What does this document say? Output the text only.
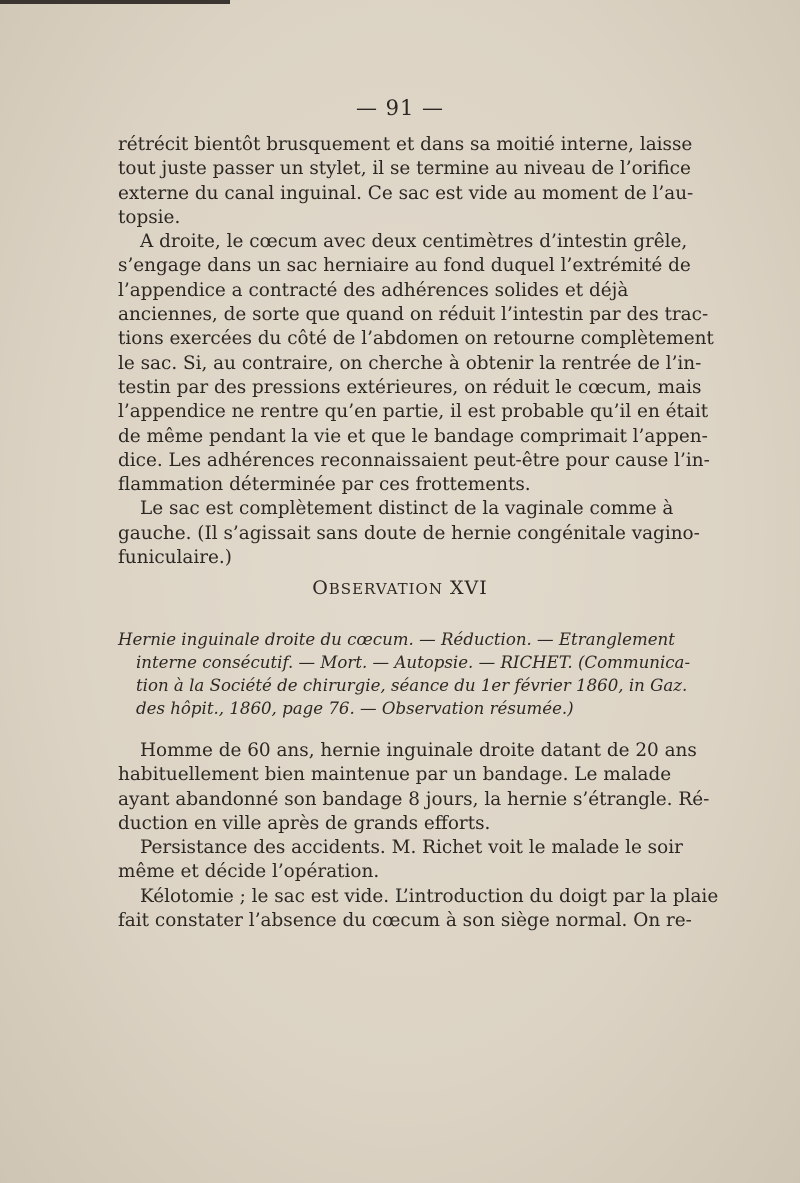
— 91 —
rétrécit bientôt brusquement et dans sa moitié interne, laisse
tout juste passer un stylet, il se termine au niveau de l’orifice
externe du canal inguinal. Ce sac est vide au moment de l’au-
topsie.
A droite, le cœcum avec deux centimètres d’intestin grêle,
s’engage dans un sac herniaire au fond duquel l’extrémité de
l’appendice a contracté des adhérences solides et déjà
anciennes, de sorte que quand on réduit l’intestin par des trac-
tions exercées du côté de l’abdomen on retourne complètement
le sac. Si, au contraire, on cherche à obtenir la rentrée de l’in-
testin par des pressions extérieures, on réduit le cœcum, mais
l’appendice ne rentre qu’en partie, il est probable qu’il en était
de même pendant la vie et que le bandage comprimait l’appen-
dice. Les adhérences reconnaissaient peut-être pour cause l’in-
flammation déterminée par ces frottements.
Le sac est complètement distinct de la vaginale comme à
gauche. (Il s’agissait sans doute de hernie congénitale vagino-
funiculaire.)
OBSERVATION XVI
Hernie inguinale droite du cœcum. — Réduction. — Etranglement
interne consécutif. — Mort. — Autopsie. — RICHET. (Communica-
tion à la Société de chirurgie, séance du 1er février 1860, in Gaz.
des hôpit., 1860, page 76. — Observation résumée.)
Homme de 60 ans, hernie inguinale droite datant de 20 ans
habituellement bien maintenue par un bandage. Le malade
ayant abandonné son bandage 8 jours, la hernie s’étrangle. Ré-
duction en ville après de grands efforts.
Persistance des accidents. M. Richet voit le malade le soir
même et décide l’opération.
Kélotomie ; le sac est vide. L’introduction du doigt par la plaie
fait constater l’absence du cœcum à son siège normal. On re-
